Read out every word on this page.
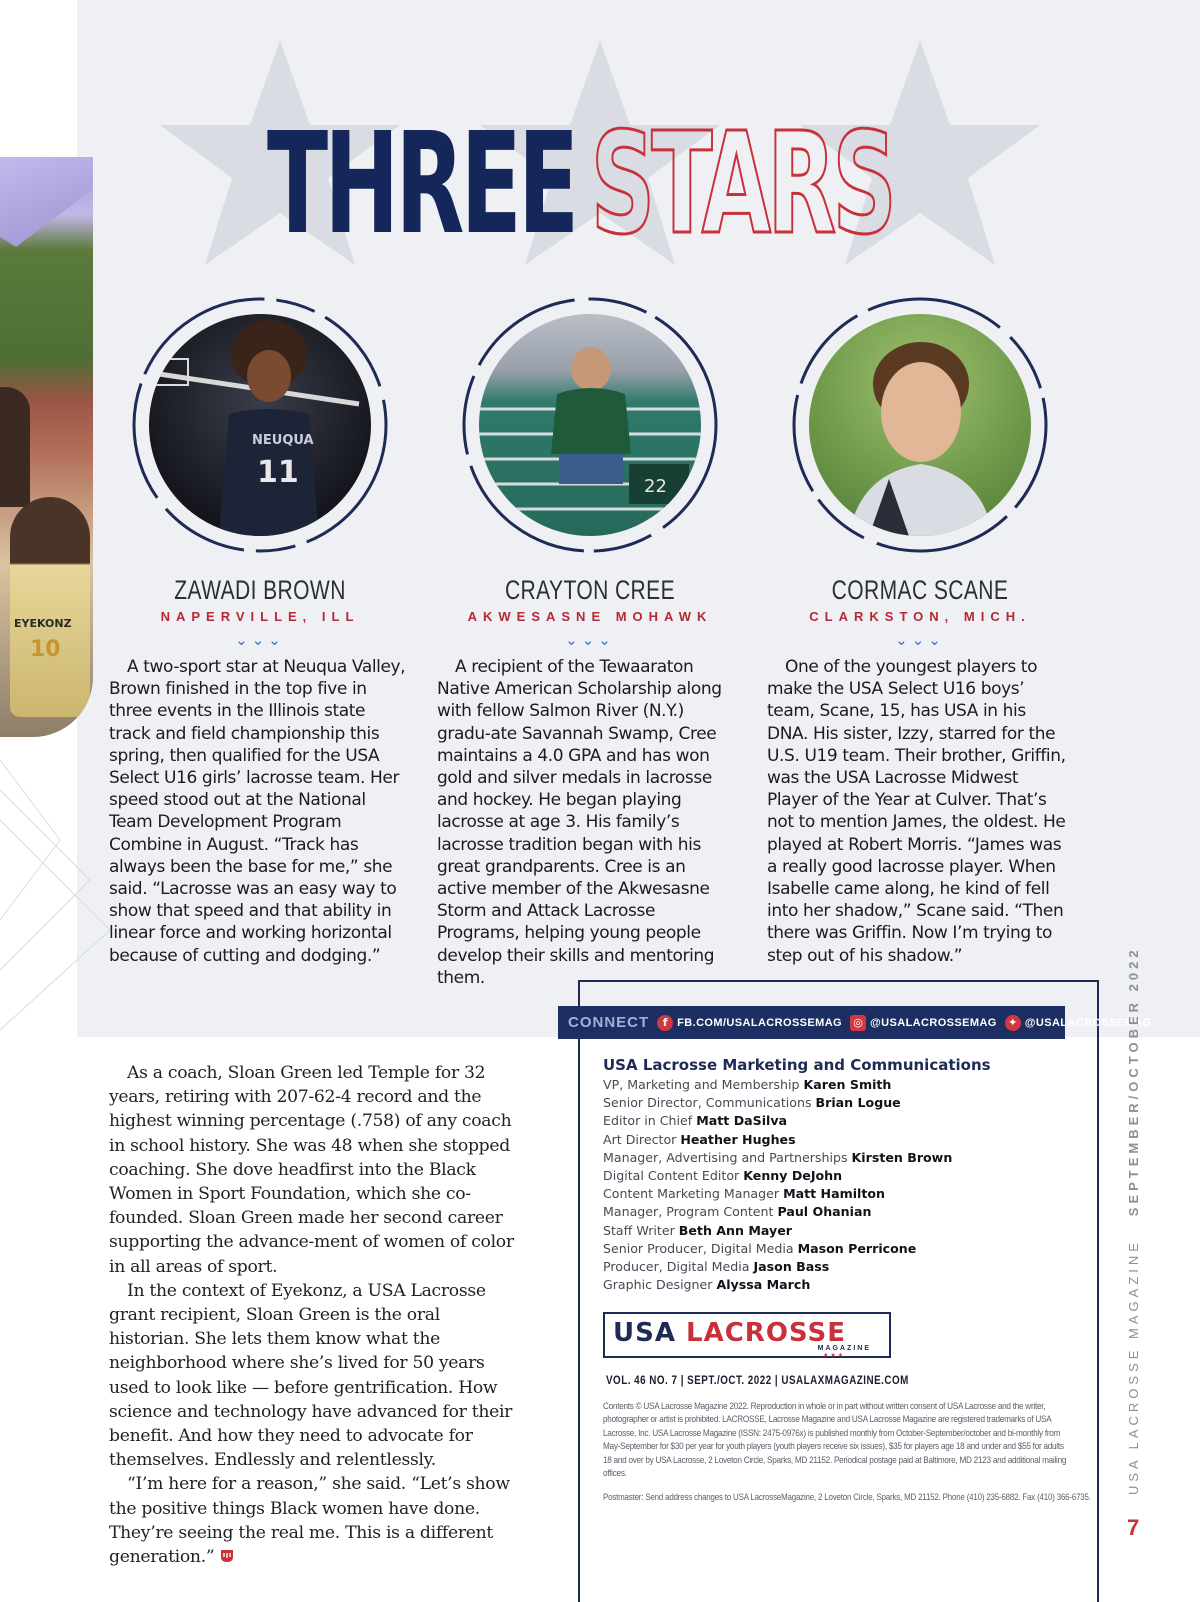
EYEKONZ
10
THREE STARS
NEUQUA
11
ZAWADI BROWN
NAPERVILLE, ILL
⌄⌄⌄
A two-sport star at Neuqua Valley, Brown finished in the top five in three events in the Illinois state track and field championship this spring, then qualified for the USA Select U16 girls’ lacrosse team. Her speed stood out at the National Team Development Program Combine in August. “Track has always been the base for me,” she said. “Lacrosse was an easy way to show that speed and that ability in linear force and working horizontal because of cutting and dodging.”
22
CRAYTON CREE
AKWESASNE MOHAWK
⌄⌄⌄
A recipient of the Tewaaraton Native American Scholarship along with fellow Salmon River (N.Y.) gradu-ate Savannah Swamp, Cree maintains a 4.0 GPA and has won gold and silver medals in lacrosse and hockey. He began playing lacrosse at age 3. His family’s lacrosse tradition began with his great grandparents. Cree is an active member of the Akwesasne Storm and Attack Lacrosse Programs, helping young people develop their skills and mentoring them.
CORMAC SCANE
CLARKSTON, MICH.
⌄⌄⌄
One of the youngest players to make the USA Select U16 boys’ team, Scane, 15, has USA in his DNA. His sister, Izzy, starred for the U.S. U19 team. Their brother, Griffin, was the USA Lacrosse Midwest Player of the Year at Culver. That’s not to mention James, the oldest. He played at Robert Morris. “James was a really good lacrosse player. When Isabelle came along, he kind of fell into her shadow,” Scane said. “Then there was Griffin. Now I’m trying to step out of his shadow.”

As a coach, Sloan Green led Temple for 32 years, retiring with 207-62-4 record and the highest winning percentage (.758) of any coach in school history. She was 48 when she stopped coaching. She dove headfirst into the Black Women in Sport Foundation, which she co-founded. Sloan Green made her second career supporting the advance-ment of women of color in all areas of sport.

In the context of Eyekonz, a USA Lacrosse grant recipient, Sloan Green is the oral historian. She lets them know what the neighborhood where she’s lived for 50 years used to look like — before gentrification. How science and technology have advanced for their benefit. And how they need to advocate for themselves. Endlessly and relentlessly.

“I’m here for a reason,” she said. “Let’s show the positive things Black women have done. They’re seeing the real me. This is a different generation.”

CONNECT	f FB.COM/USALACROSSEMAG ◎ @USALACROSSEMAG	✦ @USALACROSSEMAG
USA Lacrosse Marketing and Communications
VP, Marketing and Membership Karen Smith
Senior Director, Communications Brian Logue
Editor in Chief Matt DaSilva
Art Director Heather Hughes
Manager, Advertising and Partnerships Kirsten Brown
Digital Content Editor Kenny DeJohn
Content Marketing Manager Matt Hamilton
Manager, Program Content Paul Ohanian
Staff Writer Beth Ann Mayer
Senior Producer, Digital Media Mason Perricone
Producer, Digital Media Jason Bass
Graphic Designer Alyssa March
USA LACROSSE
MAGAZINE
★★★
VOL. 46 NO. 7 | SEPT./OCT. 2022 | USALAXMAGAZINE.COM
Contents © USA Lacrosse Magazine 2022. Reproduction in whole or in part without written consent of USA Lacrosse and the writer, photographer or artist is prohibited. LACROSSE, Lacrosse Magazine and USA Lacrosse Magazine are registered trademarks of USA Lacrosse, Inc. USA Lacrosse Magazine (ISSN: 2475-0976x) is published monthly from October-September/october and bi-monthly from May-September for $30 per year for youth players (youth players receive six issues), $35 for players age 18 and under and $55 for adults 18 and over by USA Lacrosse, 2 Loveton Circle, Sparks, MD 21152. Periodical postage paid at Baltimore, MD 2123 and additional mailing offices.
Postmaster: Send address changes to USA LacrosseMagazine, 2 Loveton Circle, Sparks, MD 21152. Phone (410) 235-6882. Fax (410) 366-6735.
USA LACROSSE MAGAZINE   SEPTEMBER/OCTOBER 2022
7
